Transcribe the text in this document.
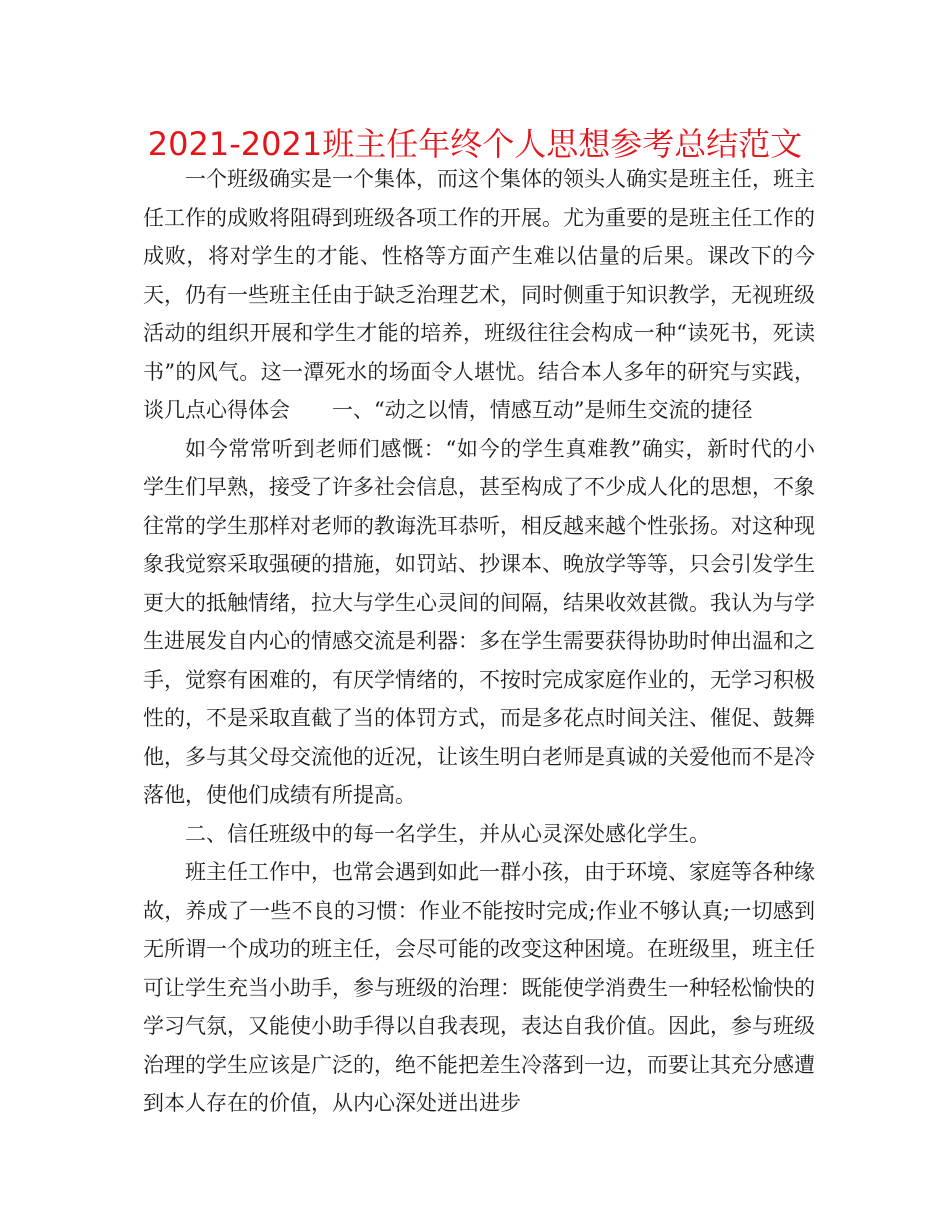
2021-2021班主任年终个人思想参考总结范文

一个班级确实是一个集体，而这个集体的领头人确实是班主任，班主任工作的成败将阻碍到班级各项工作的开展。尤为重要的是班主任工作的成败，将对学生的才能、性格等方面产生难以估量的后果。课改下的今天，仍有一些班主任由于缺乏治理艺术，同时侧重于知识教学，无视班级活动的组织开展和学生才能的培养，班级往往会构成一种“读死书，死读书”的风气。这一潭死水的场面令人堪忧。结合本人多年的研究与实践，谈几点心得体会　　一、“动之以情，情感互动”是师生交流的捷径

如今常常听到老师们感慨：“如今的学生真难教”确实，新时代的小学生们早熟，接受了许多社会信息，甚至构成了不少成人化的思想，不象往常的学生那样对老师的教诲洗耳恭听，相反越来越个性张扬。对这种现象我觉察采取强硬的措施，如罚站、抄课本、晚放学等等，只会引发学生更大的抵触情绪，拉大与学生心灵间的间隔，结果收效甚微。我认为与学生进展发自内心的情感交流是利器：多在学生需要获得协助时伸出温和之手，觉察有困难的，有厌学情绪的，不按时完成家庭作业的，无学习积极性的，不是采取直截了当的体罚方式，而是多花点时间关注、催促、鼓舞他，多与其父母交流他的近况，让该生明白老师是真诚的关爱他而不是冷落他，使他们成绩有所提高。

二、信任班级中的每一名学生，并从心灵深处感化学生。

班主任工作中，也常会遇到如此一群小孩，由于环境、家庭等各种缘故，养成了一些不良的习惯：作业不能按时完成;作业不够认真;一切感到无所谓一个成功的班主任，会尽可能的改变这种困境。在班级里，班主任可让学生充当小助手，参与班级的治理：既能使学消费生一种轻松愉快的学习气氛，又能使小助手得以自我表现，表达自我价值。因此，参与班级治理的学生应该是广泛的，绝不能把差生冷落到一边，而要让其充分感遭到本人存在的价值，从内心深处迸出进步
